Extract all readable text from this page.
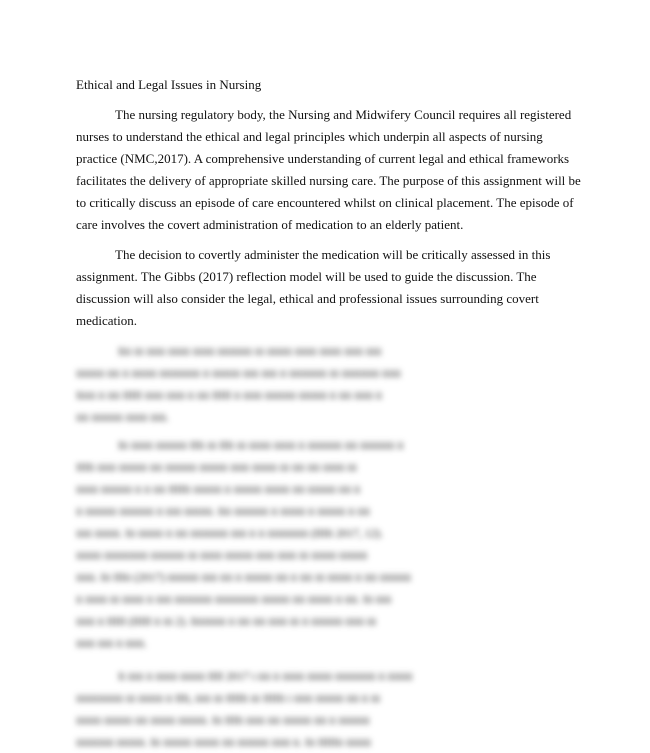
Ethical and Legal Issues in Nursing
The nursing regulatory body, the Nursing and Midwifery Council requires all registered
nurses to understand the ethical and legal principles which underpin all aspects of nursing
practice (NMC,2017). A comprehensive understanding of current legal and ethical frameworks
facilitates the delivery of appropriate skilled nursing care. The purpose of this assignment will be
to critically discuss an episode of care encountered whilst on clinical placement. The episode of
care involves the covert administration of medication to an elderly patient.
The decision to covertly administer the medication will be critically assessed in this
assignment. The Gibbs (2017) reflection model will be used to guide the discussion. The
discussion will also consider the legal, ethical and professional issues surrounding covert
medication.
Iiii iii iiiiii iiiiiii iiiiiii iiiiiiiiiii iii iiiiiiii iiiiiii iiiiiii iiiiii iiiii
iiiiiiiii iiii ii iiiiiiii iiiiiiiiiiiii ii iiiiiiiii iiiii iiiii ii iiiiiiiiiiii iii iiiiiiiiiiii iiiiii
Iiiiii ii iiii IIIII iiiiii iiiiii ii iiii IIIII ii iiiiii iiiiiiiiii iiiiiiiii ii iiii iiiiii ii
iiii iiiiiiiiii iiiiiii iiiii.
Iii iiiiiii iiiiiiiiii IIIi iii IIIi iii iiiiiii iiiiiii ii iiiiiiiiiii iiii iiiiiiiiiii ii
IIIIi iiiiii iiiiiiiii iiii iiiiiiiiii iiiiiiiii iiiiii iiiiiiii iii iiii iiii iiiiiii iii
iiiiiii iiiiiiiiii ii ii iiii IIIIIi iiiiiiiii ii iiiiiiiii iiiiiiii iiii iiiiiiiii iiii ii
ii iiiiiiiiii iiiiiiiiiii ii iiiii iiiiiiiii. Iiii iiiiiiiiiii ii iiiiiiii ii iiiiiiiii ii iiii
iiiii iiiiiiii. Iii iiiiiiii ii iiii iiiiiiiiiiii iiiii ii ii iiiiiiiiiiiii (IIIIi 2017, 12).
iiiiiiii iiiiiiiiiiiiii iiiiiiiiiii iii iiiiiii iiiiiiiii iiiiii iiiiii iii iiiiiiii iiiiiiiii
iiiiii. Iii IIIii (2017) iiiiiiiiii iiiii iiii ii iiiiiiiii iiii ii iiii iii iiiiiiii ii iiii iiiiiiiiii
ii iiiiiii iii iiiiiii ii iiiii iiiiiiiiiiii iiiiiiiiiiiiii iiiiiiiii iiii iiiiiiii ii iiii. Iii iiiii
iiiiii ii IIIII (IIIII ii iii 2). Iiiiiiiiiii ii iiii iiii iiiiii iii ii iiiiiiiiii iiiiii iii
iiiiii iiiii ii iiiiii.
Ii iiiii ii iiiiiii iiiiiiii IIII 2017 i iiii ii iiiiiii iiiiiiii iiiiiiiiiiiii ii iiiiiiii
iiiiiiiiiiiiiii iii iiiiiiii ii IIIi, iiiii iii IIIIIi iii IIIIIi i iiiiii iiiiiiiii iiii ii iii
iiiiiiii iiiiiiiii iiii iiiiiiii iiiiiiiii. Iii IIIIi iiiiii iiii iiiiiiiii iiii ii iiiiiiiiii
iiiiiiiiiiii iiiiiiiii. Iii iiiiiiiii iiiiiiii iiii iiiiiiiiii iiiiii ii. Iii IIIIIii iiiiiiii
